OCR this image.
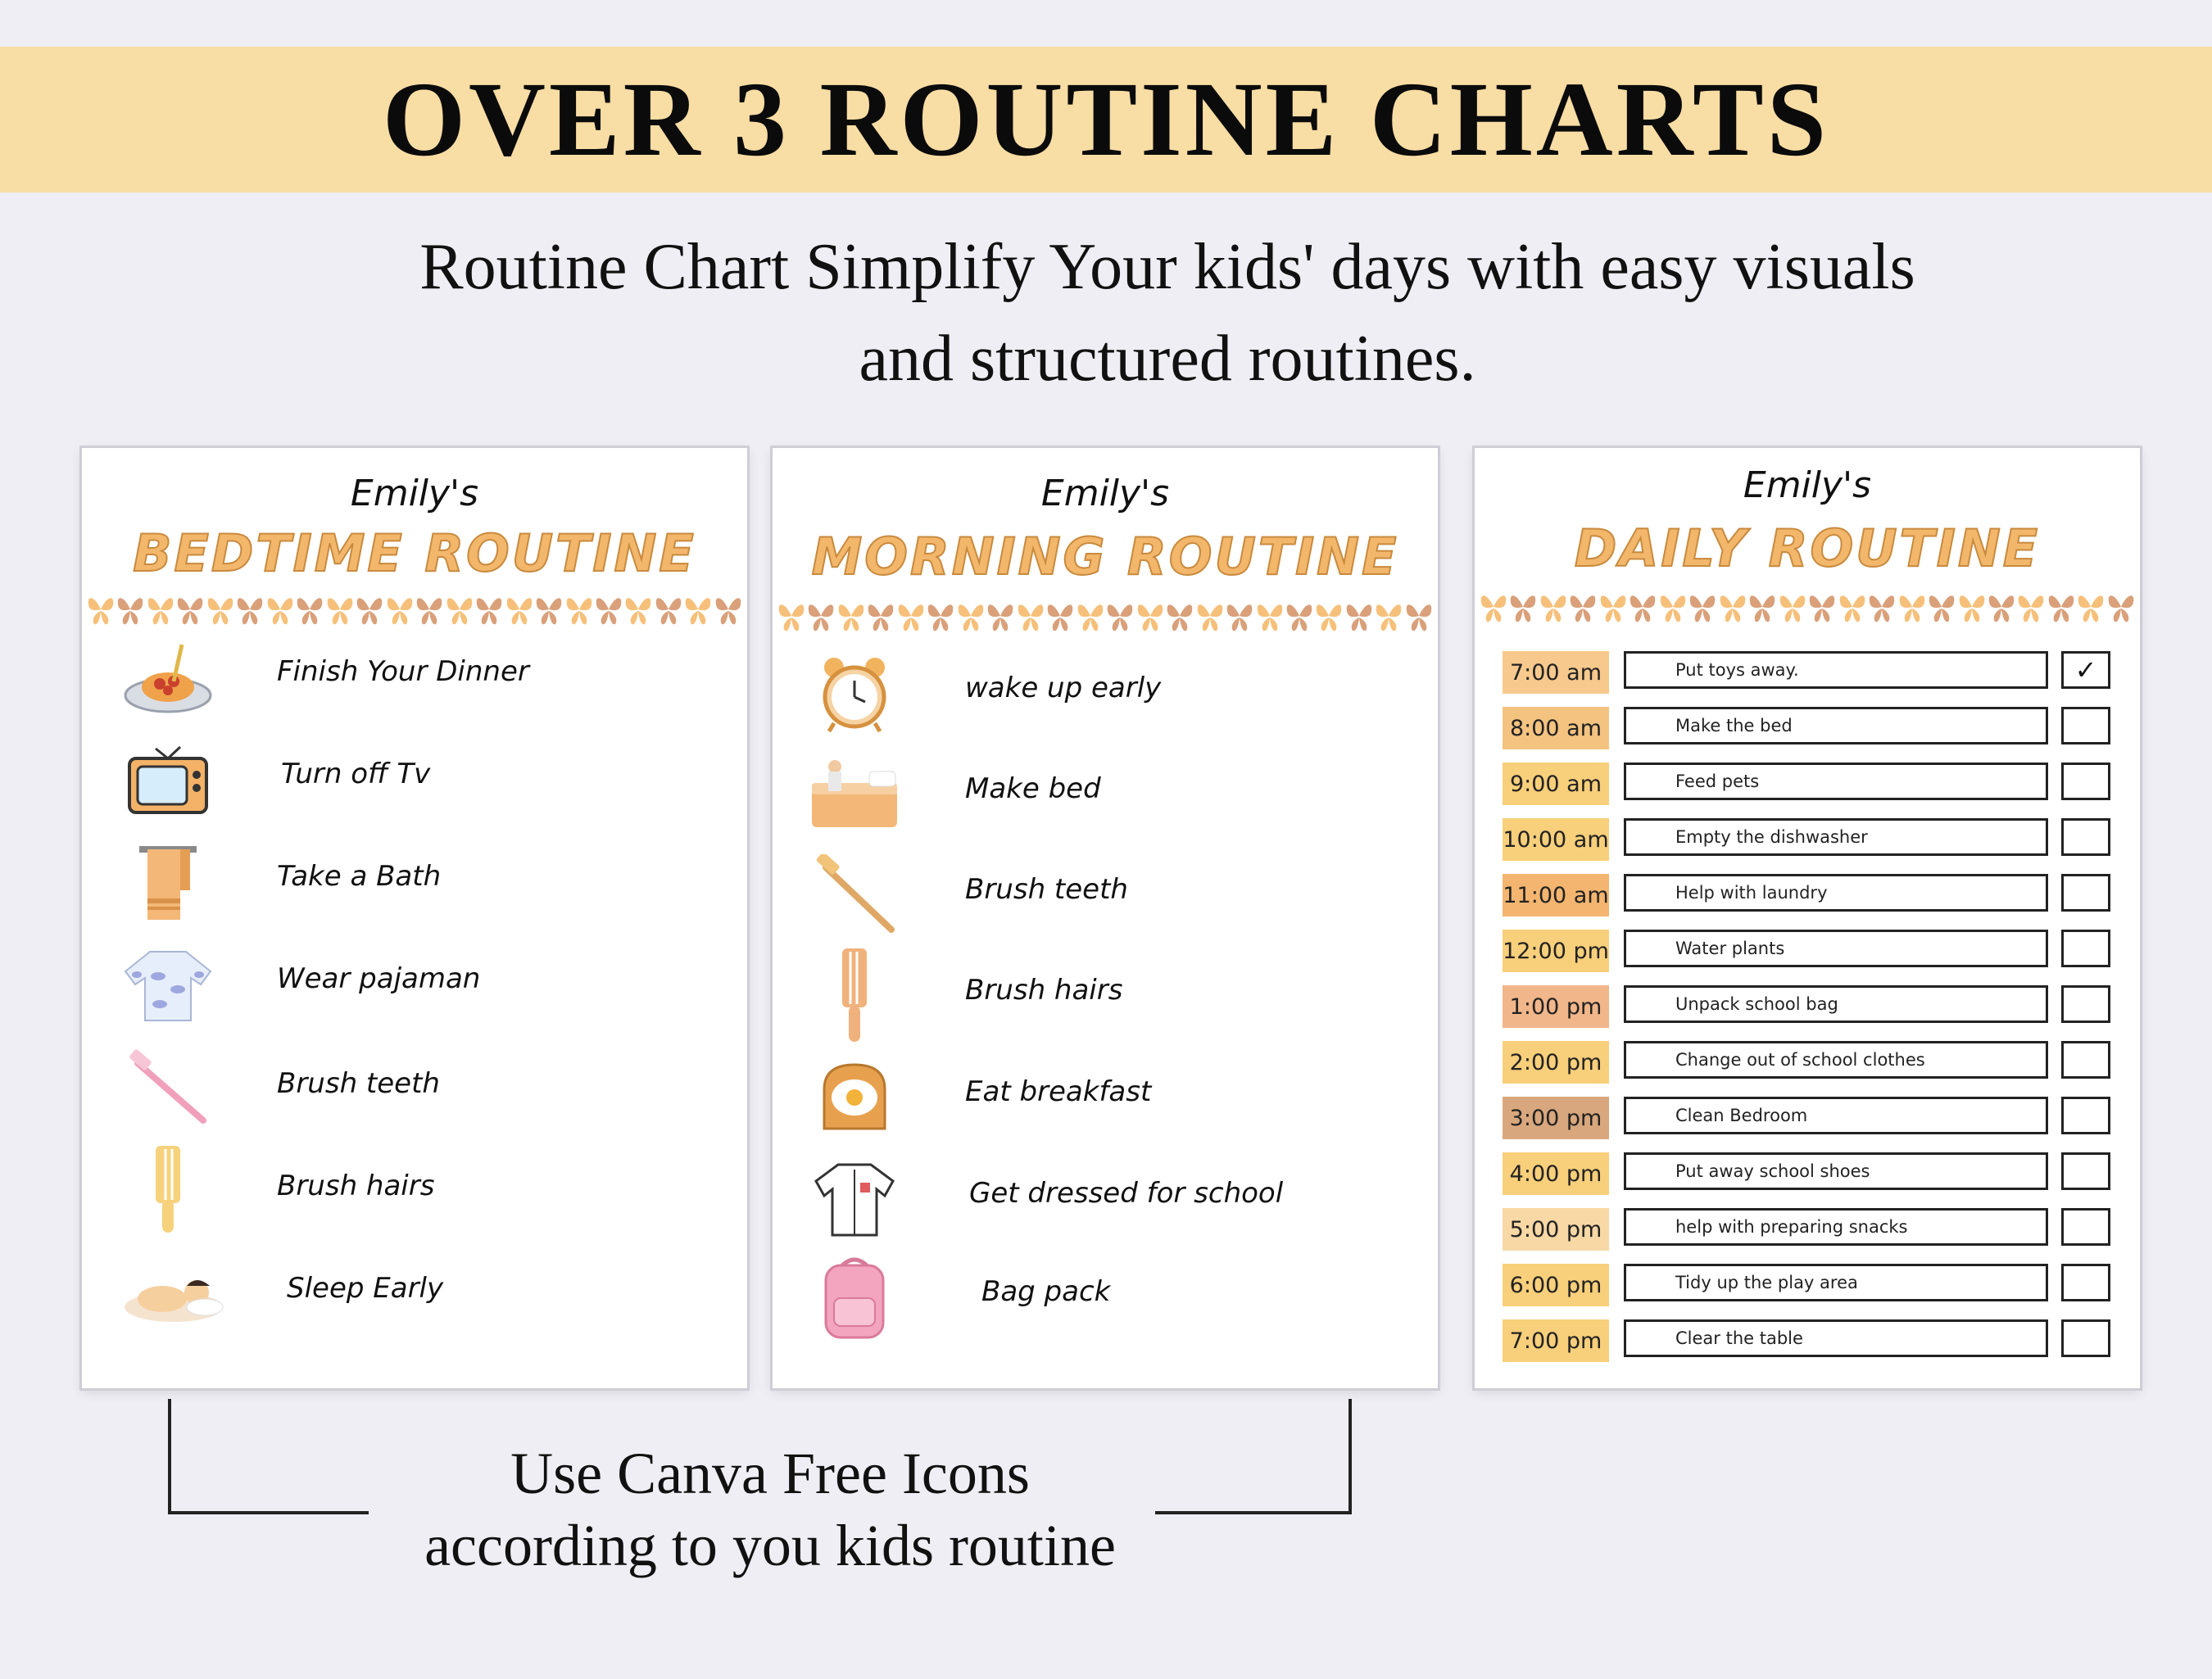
OVER 3 ROUTINE CHARTS
Routine Chart Simplify Your kids' days with easy visuals
and structured routines.
Emily's
BEDTIME ROUTINE
Finish Your Dinner
Turn off Tv
Take a Bath
Wear pajaman
Brush teeth
Brush hairs
Sleep Early
Emily's
MORNING ROUTINE
wake up early
Make bed
Brush teeth
Brush hairs
Eat breakfast
Get dressed for school
Bag pack
Emily's
DAILY ROUTINE
7:00 am	Put toys away.	✓
8:00 am	Make the bed
9:00 am	Feed pets
10:00 am	Empty the dishwasher
11:00 am	Help with laundry
12:00 pm	Water plants
1:00 pm	Unpack school bag
2:00 pm	Change out of school clothes
3:00 pm	Clean Bedroom
4:00 pm	Put away school shoes
5:00 pm	help with preparing snacks
6:00 pm	Tidy up the play area
7:00 pm	Clear the table
Use Canva Free Icons
according to you kids routine
